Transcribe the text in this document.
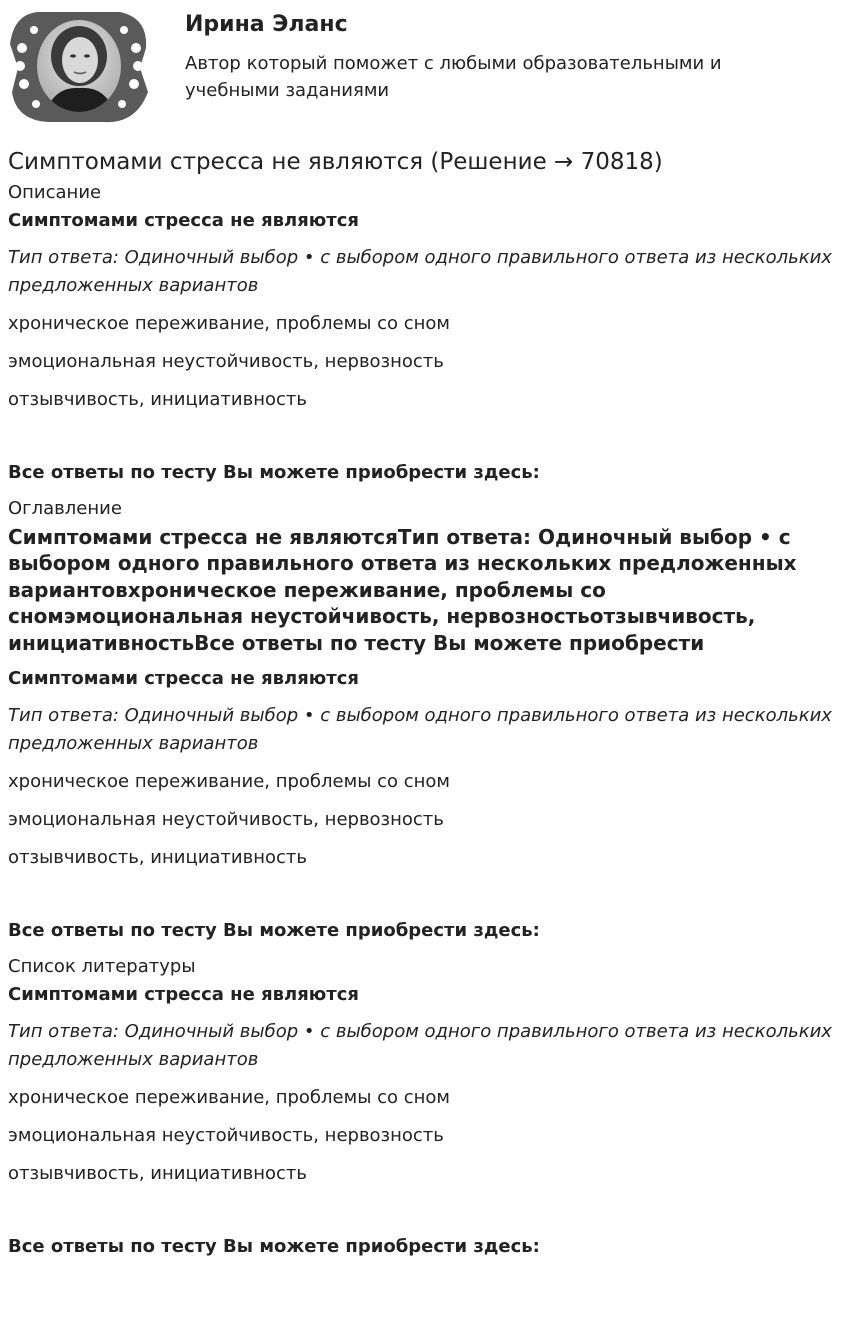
Ирина Эланс
Автор который поможет с любыми образовательными и учебными заданиями
Симптомами стресса не являются (Решение → 70818)

Описание

Симптомами стресса не являются

Тип ответа: Одиночный выбор • с выбором одного правильного ответа из нескольких предложенных вариантов

хроническое переживание, проблемы со сном

эмоциональная неустойчивость, нервозность

отзывчивость, инициативность

Все ответы по тесту Вы можете приобрести здесь:

Оглавление

Симптомами стресса не являютсяТип ответа: Одиночный выбор • с выбором одного правильного ответа из нескольких предложенных вариантовхроническое переживание, проблемы со сномэмоциональная неустойчивость, нервозностьотзывчивость, инициативностьВсе ответы по тесту Вы можете приобрести

Симптомами стресса не являются

Тип ответа: Одиночный выбор • с выбором одного правильного ответа из нескольких предложенных вариантов

хроническое переживание, проблемы со сном

эмоциональная неустойчивость, нервозность

отзывчивость, инициативность

Все ответы по тесту Вы можете приобрести здесь:

Список литературы

Симптомами стресса не являются

Тип ответа: Одиночный выбор • с выбором одного правильного ответа из нескольких предложенных вариантов

хроническое переживание, проблемы со сном

эмоциональная неустойчивость, нервозность

отзывчивость, инициативность

Все ответы по тесту Вы можете приобрести здесь:
